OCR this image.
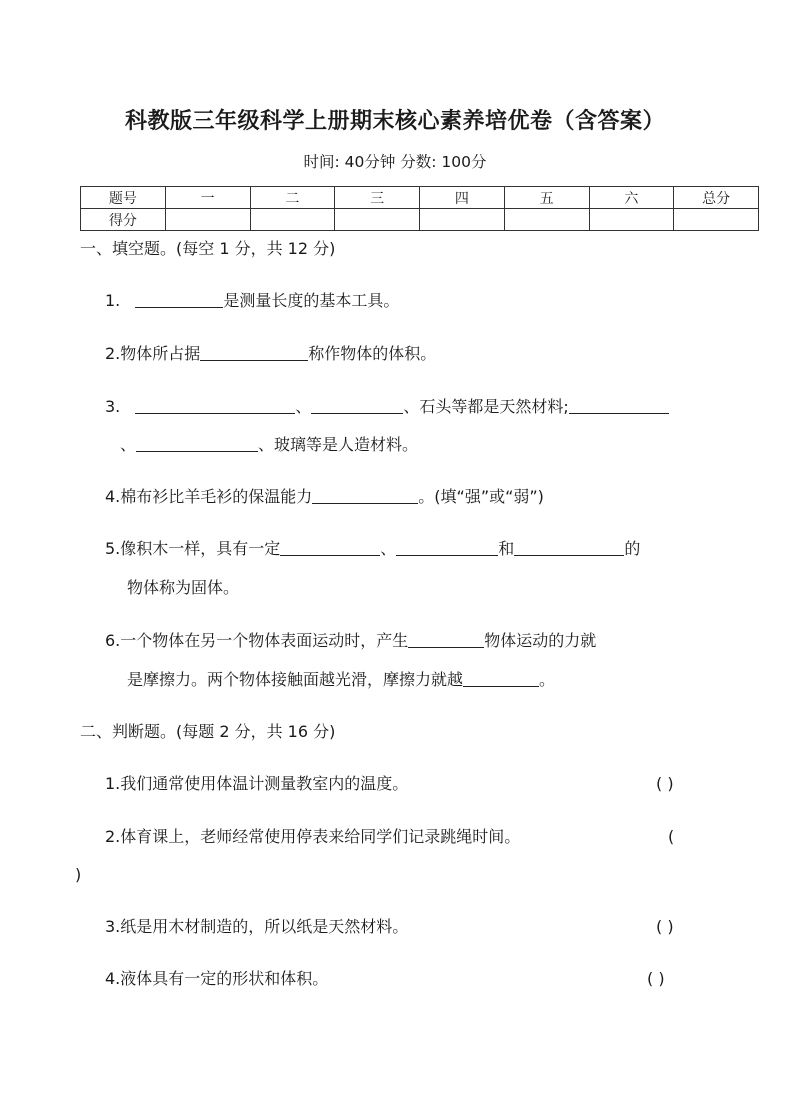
科教版三年级科学上册期末核心素养培优卷（含答案）
时间: 40分钟 分数: 100分
题号	一	二	三	四	五	六	总分
得分							
一、填空题。(每空 1 分，共 12 分)
1.	是测量长度的基本工具。
2.物体所占据	称作物体的体积。
3.	、	、石头等都是天然材料;
、	、玻璃等是人造材料。
4.棉布衫比羊毛衫的保温能力	。(填“强”或“弱”)
5.像积木一样，具有一定	、	和	的
物体称为固体。
6.一个物体在另一个物体表面运动时，产生	物体运动的力就
是摩擦力。两个物体接触面越光滑，摩擦力就越	。
二、判断题。(每题 2 分，共 16 分)
1.我们通常使用体温计测量教室内的温度。	( )
2.体育课上，老师经常使用停表来给同学们记录跳绳时间。	(
)
3.纸是用木材制造的，所以纸是天然材料。	( )
4.液体具有一定的形状和体积。	( )
